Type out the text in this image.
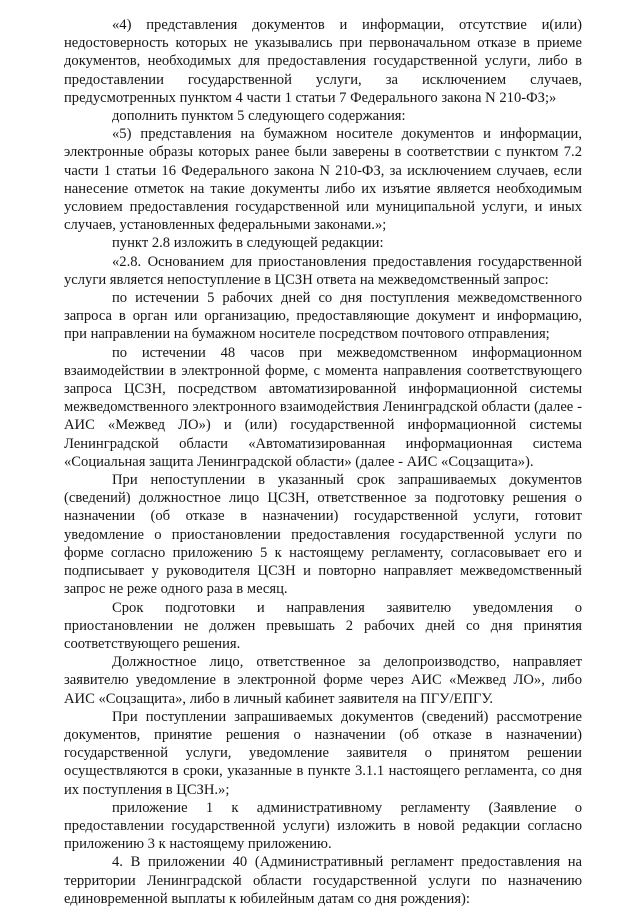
«4) представления документов и информации, отсутствие и(или) недостоверность которых не указывались при первоначальном отказе в приеме документов, необходимых для предоставления государственной услуги, либо в предоставлении государственной услуги, за исключением случаев, предусмотренных пунктом 4 части 1 статьи 7 Федерального закона N 210-ФЗ;»

дополнить пунктом 5 следующего содержания:

«5) представления на бумажном носителе документов и информации, электронные образы которых ранее были заверены в соответствии с пунктом 7.2 части 1 статьи 16 Федерального закона N 210-ФЗ, за исключением случаев, если нанесение отметок на такие документы либо их изъятие является необходимым условием предоставления государственной или муниципальной услуги, и иных случаев, установленных федеральными законами.»;

пункт 2.8 изложить в следующей редакции:

«2.8. Основанием для приостановления предоставления государственной услуги является непоступление в ЦСЗН ответа на межведомственный запрос:

по истечении 5 рабочих дней со дня поступления межведомственного запроса в орган или организацию, предоставляющие документ и информацию, при направлении на бумажном носителе посредством почтового отправления;

по истечении 48 часов при межведомственном информационном взаимодействии в электронной форме, с момента направления соответствующего запроса ЦСЗН, посредством автоматизированной информационной системы межведомственного электронного взаимодействия Ленинградской области (далее - АИС «Межвед ЛО») и (или) государственной информационной системы Ленинградской области «Автоматизированная информационная система «Социальная защита Ленинградской области» (далее - АИС «Соцзащита»).

При непоступлении в указанный срок запрашиваемых документов (сведений) должностное лицо ЦСЗН, ответственное за подготовку решения о назначении (об отказе в назначении) государственной услуги, готовит уведомление о приостановлении предоставления государственной услуги по форме согласно приложению 5 к настоящему регламенту, согласовывает его и подписывает у руководителя ЦСЗН и повторно направляет межведомственный запрос не реже одного раза в месяц.

Срок подготовки и направления заявителю уведомления о приостановлении не должен превышать 2 рабочих дней со дня принятия соответствующего решения.

Должностное лицо, ответственное за делопроизводство, направляет заявителю уведомление в электронной форме через АИС «Межвед ЛО», либо АИС «Соцзащита», либо в личный кабинет заявителя на ПГУ/ЕПГУ.

При поступлении запрашиваемых документов (сведений) рассмотрение документов, принятие решения о назначении (об отказе в назначении) государственной услуги, уведомление заявителя о принятом решении осуществляются в сроки, указанные в пункте 3.1.1 настоящего регламента, со дня их поступления в ЦСЗН.»;

приложение 1 к административному регламенту (Заявление о предоставлении государственной услуги) изложить в новой редакции согласно приложению 3 к настоящему приложению.

4. В приложении 40 (Административный регламент предоставления на территории Ленинградской области государственной услуги по назначению единовременной выплаты к юбилейным датам со дня рождения):
